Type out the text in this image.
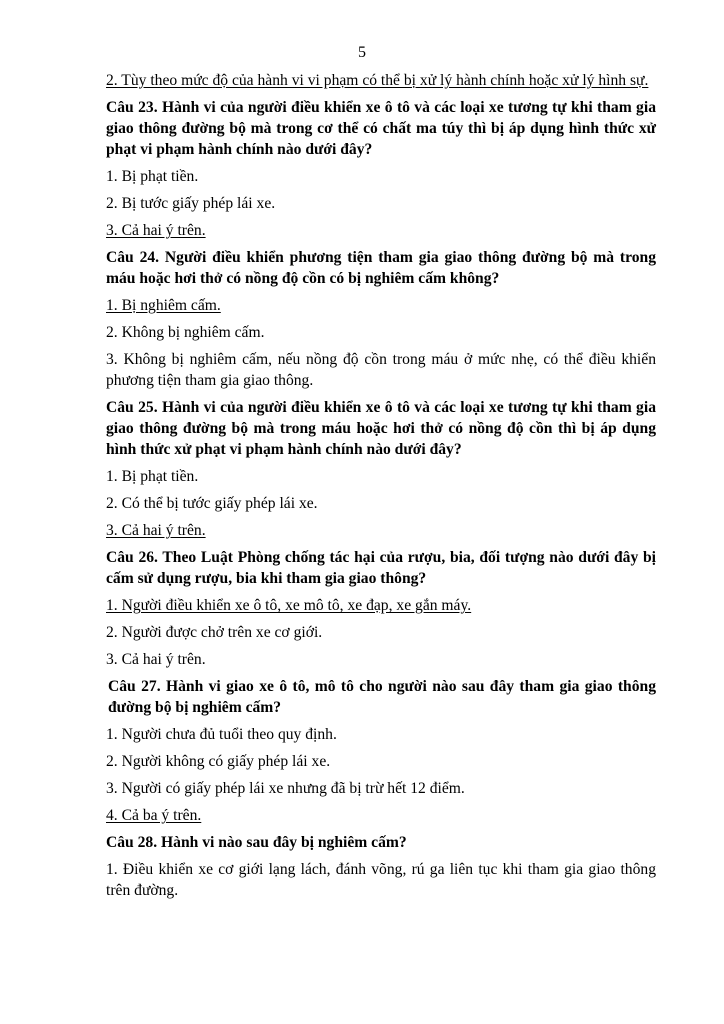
5

2. Tùy theo mức độ của hành vi vi phạm có thể bị xử lý hành chính hoặc xử lý hình sự.

Câu 23. Hành vi của người điều khiển xe ô tô và các loại xe tương tự khi tham gia giao thông đường bộ mà trong cơ thể có chất ma túy thì bị áp dụng hình thức xử phạt vi phạm hành chính nào dưới đây?

1. Bị phạt tiền.

2. Bị tước giấy phép lái xe.

3. Cả hai ý trên.

Câu 24. Người điều khiển phương tiện tham gia giao thông đường bộ mà trong máu hoặc hơi thở có nồng độ cồn có bị nghiêm cấm không?

1. Bị nghiêm cấm.

2. Không bị nghiêm cấm.

3. Không bị nghiêm cấm, nếu nồng độ cồn trong máu ở mức nhẹ, có thể điều khiển phương tiện tham gia giao thông.

Câu 25. Hành vi của người điều khiển xe ô tô và các loại xe tương tự khi tham gia giao thông đường bộ mà trong máu hoặc hơi thở có nồng độ cồn thì bị áp dụng hình thức xử phạt vi phạm hành chính nào dưới đây?

1. Bị phạt tiền.

2. Có thể bị tước giấy phép lái xe.

3. Cả hai ý trên.

Câu 26. Theo Luật Phòng chống tác hại của rượu, bia, đối tượng nào dưới đây bị cấm sử dụng rượu, bia khi tham gia giao thông?

1. Người điều khiển xe ô tô, xe mô tô, xe đạp, xe gắn máy.

2. Người được chở trên xe cơ giới.

3. Cả hai ý trên.

Câu 27. Hành vi giao xe ô tô, mô tô cho người nào sau đây tham gia giao thông đường bộ bị nghiêm cấm?

1. Người chưa đủ tuổi theo quy định.

2. Người không có giấy phép lái xe.

3. Người có giấy phép lái xe nhưng đã bị trừ hết 12 điểm.

4. Cả ba ý trên.

Câu 28. Hành vi nào sau đây bị nghiêm cấm?

1. Điều khiển xe cơ giới lạng lách, đánh võng, rú ga liên tục khi tham gia giao thông trên đường.
